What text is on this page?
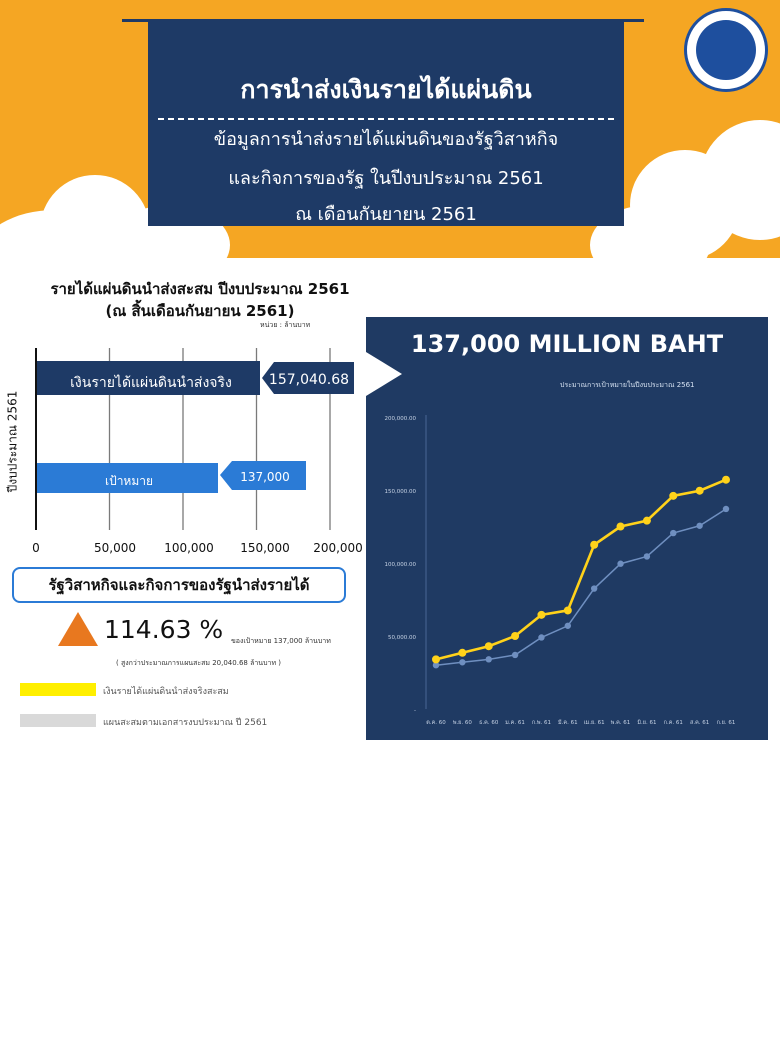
การนำส่งเงินรายได้แผ่นดิน
ข้อมูลการนำส่งรายได้แผ่นดินของรัฐวิสาหกิจ
และกิจการของรัฐ ในปีงบประมาณ 2561
ณ เดือนกันยายน 2561
รายได้แผ่นดินนำส่งสะสม ปีงบประมาณ 2561
(ณ สิ้นเดือนกันยายน 2561)
หน่วย : ล้านบาท
ปีงบประมาณ 2561
เงินรายได้แผ่นดินนำส่งจริง	157,040.68
เป้าหมาย	137,000
0	50,000	100,000	150,000	200,000
รัฐวิสาหกิจและกิจการของรัฐนำส่งรายได้
114.63 % ของเป้าหมาย 137,000 ล้านบาท
( สูงกว่าประมาณการแผนสะสม 20,040.68 ล้านบาท )
เงินรายได้แผ่นดินนำส่งจริงสะสม
แผนสะสมตามเอกสารงบประมาณ ปี 2561
137,000 MILLION BAHT
ประมาณการเป้าหมายในปีงบประมาณ 2561
-
50,000.00
100,000.00
150,000.00
200,000.00
ต.ค. 60 พ.ย. 60 ธ.ค. 60 ม.ค. 61 ก.พ. 61 มี.ค. 61 เม.ย. 61 พ.ค. 61 มิ.ย. 61 ก.ค. 61 ส.ค. 61 ก.ย. 61
